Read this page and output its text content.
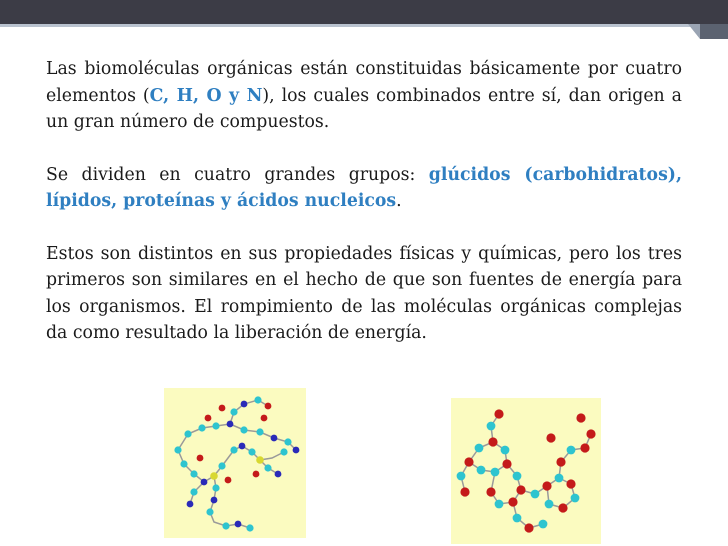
Las biomoléculas orgánicas están constituidas básicamente por cuatro elementos (C, H, O y N), los cuales combinados entre sí, dan origen a un gran número de compuestos.

Se dividen en cuatro grandes grupos: glúcidos (carbohidratos), lípidos, proteínas y ácidos nucleicos.

Estos son distintos en sus propiedades físicas y químicas, pero los tres primeros son similares en el hecho de que son fuentes de energía para los organismos. El rompimiento de las moléculas orgánicas complejas da como resultado la liberación de energía.
